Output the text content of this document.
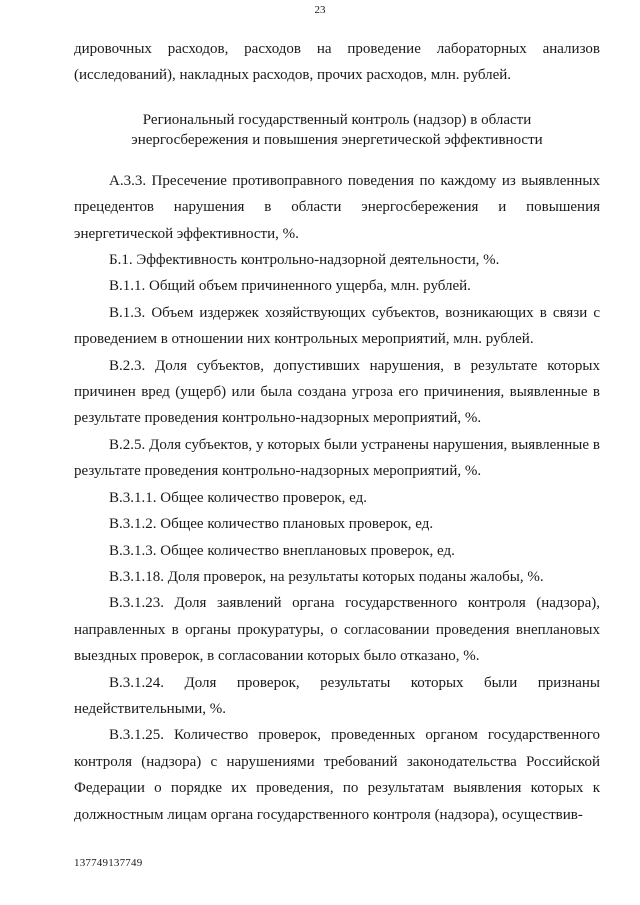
23

дировочных расходов, расходов на проведение лабораторных анализов (исследований), накладных расходов, прочих расходов, млн. рублей.

Региональный государственный контроль (надзор) в области энергосбережения и повышения энергетической эффективности

А.3.3. Пресечение противоправного поведения по каждому из выявленных прецедентов нарушения в области энергосбережения и повышения энергетической эффективности, %.

Б.1. Эффективность контрольно-надзорной деятельности, %.

В.1.1. Общий объем причиненного ущерба, млн. рублей.

В.1.3. Объем издержек хозяйствующих субъектов, возникающих в связи с проведением в отношении них контрольных мероприятий, млн. рублей.

В.2.3. Доля субъектов, допустивших нарушения, в результате которых причинен вред (ущерб) или была создана угроза его причинения, выявленные в результате проведения контрольно-надзорных мероприятий, %.

В.2.5. Доля субъектов, у которых были устранены нарушения, выявленные в результате проведения контрольно-надзорных мероприятий, %.

В.3.1.1. Общее количество проверок, ед.

В.3.1.2. Общее количество плановых проверок, ед.

В.3.1.3. Общее количество внеплановых проверок, ед.

В.3.1.18. Доля проверок, на результаты которых поданы жалобы, %.

В.3.1.23. Доля заявлений органа государственного контроля (надзора), направленных в органы прокуратуры, о согласовании проведения внеплановых выездных проверок, в согласовании которых было отказано, %.

В.3.1.24. Доля проверок, результаты которых были признаны недействительными, %.

В.3.1.25. Количество проверок, проведенных органом государственного контроля (надзора) с нарушениями требований законодательства Российской Федерации о порядке их проведения, по результатам выявления которых к должностным лицам органа государственного контроля (надзора), осуществив-

137749137749
